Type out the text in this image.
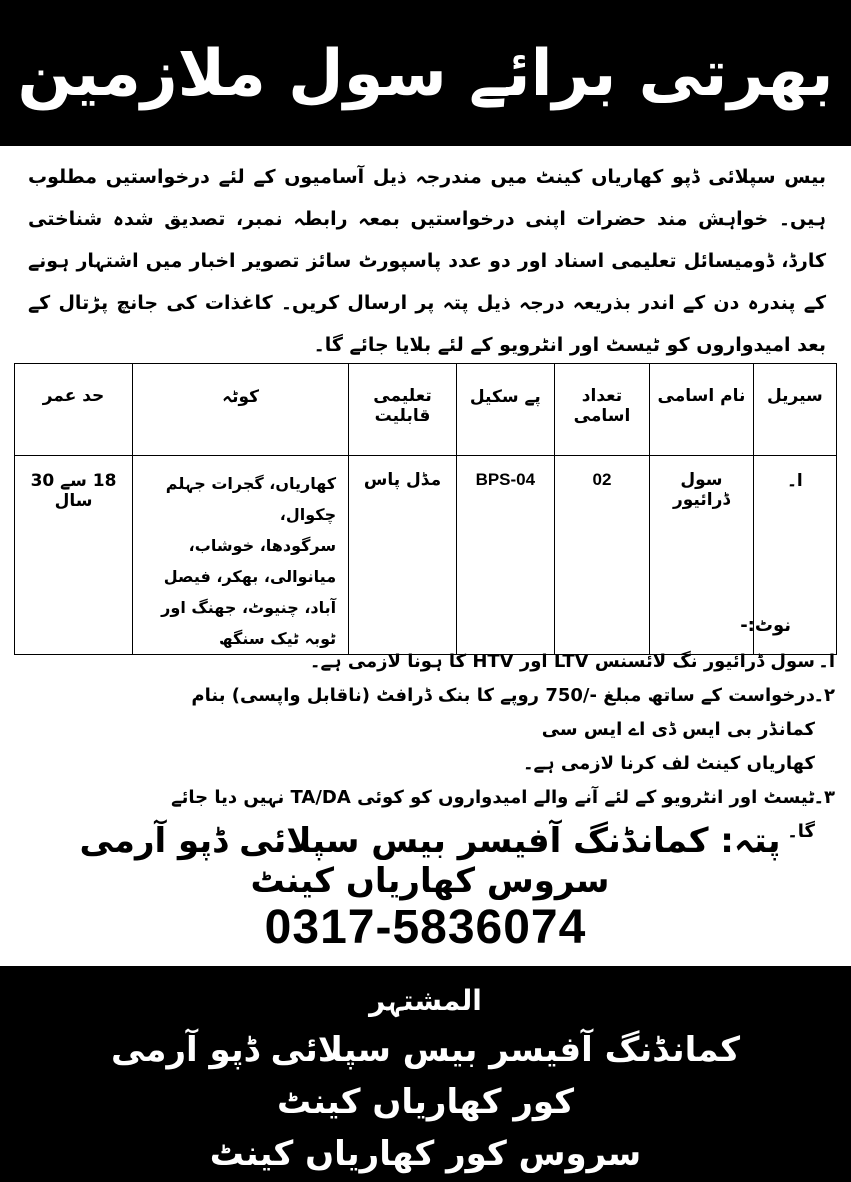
بھرتی برائے سول ملازمین

بیس سپلائی ڈپو کھاریاں کینٹ میں مندرجہ ذیل آسامیوں کے لئے درخواستیں مطلوب ہیں۔ خواہش مند حضرات اپنی درخواستیں بمعہ رابطہ نمبر، تصدیق شدہ شناختی کارڈ، ڈومیسائل تعلیمی اسناد اور دو عدد پاسپورٹ سائز تصویر اخبار میں اشتہار ہونے کے پندرہ دن کے اندر بذریعہ درجہ ذیل پتہ پر ارسال کریں۔ کاغذات کی جانچ پڑتال کے بعد امیدواروں کو ٹیسٹ اور انٹرویو کے لئے بلایا جائے گا۔

سیریل	نام اسامی	تعداد اسامی	پے سکیل	تعلیمی قابلیت	کوٹہ	حد عمر
ا۔	سول ڈرائیور	02	BPS-04	مڈل پاس	کھاریاں، گجرات جہلم چکوال،
سرگودھا، خوشاب، میانوالی، بھکر، فیصل
آباد، چنیوٹ، جھنگ اور ٹوبہ ٹیک سنگھ	18 سے 30 سال
نوٹ:-
ا۔
سول ڈرائیور نگ لائسنس LTV اور HTV کا ہونا لازمی ہے۔
۲۔
درخواست کے ساتھ مبلغ -/750 روپے کا بنک ڈرافٹ (ناقابل واپسی) بنام کمانڈر بی ایس ڈی اے ایس سی
کھاریاں کینٹ لف کرنا لازمی ہے۔
۳۔
ٹیسٹ اور انٹرویو کے لئے آنے والے امیدواروں کو کوئی TA/DA نہیں دیا جائے گا۔
پتہ: کمانڈنگ آفیسر بیس سپلائی ڈپو آرمی سروس کھاریاں کینٹ
0317-5836074
المشتہر
کمانڈنگ آفیسر بیس سپلائی ڈپو آرمی
کور کھاریاں کینٹ
سروس کور کھاریاں کینٹ
